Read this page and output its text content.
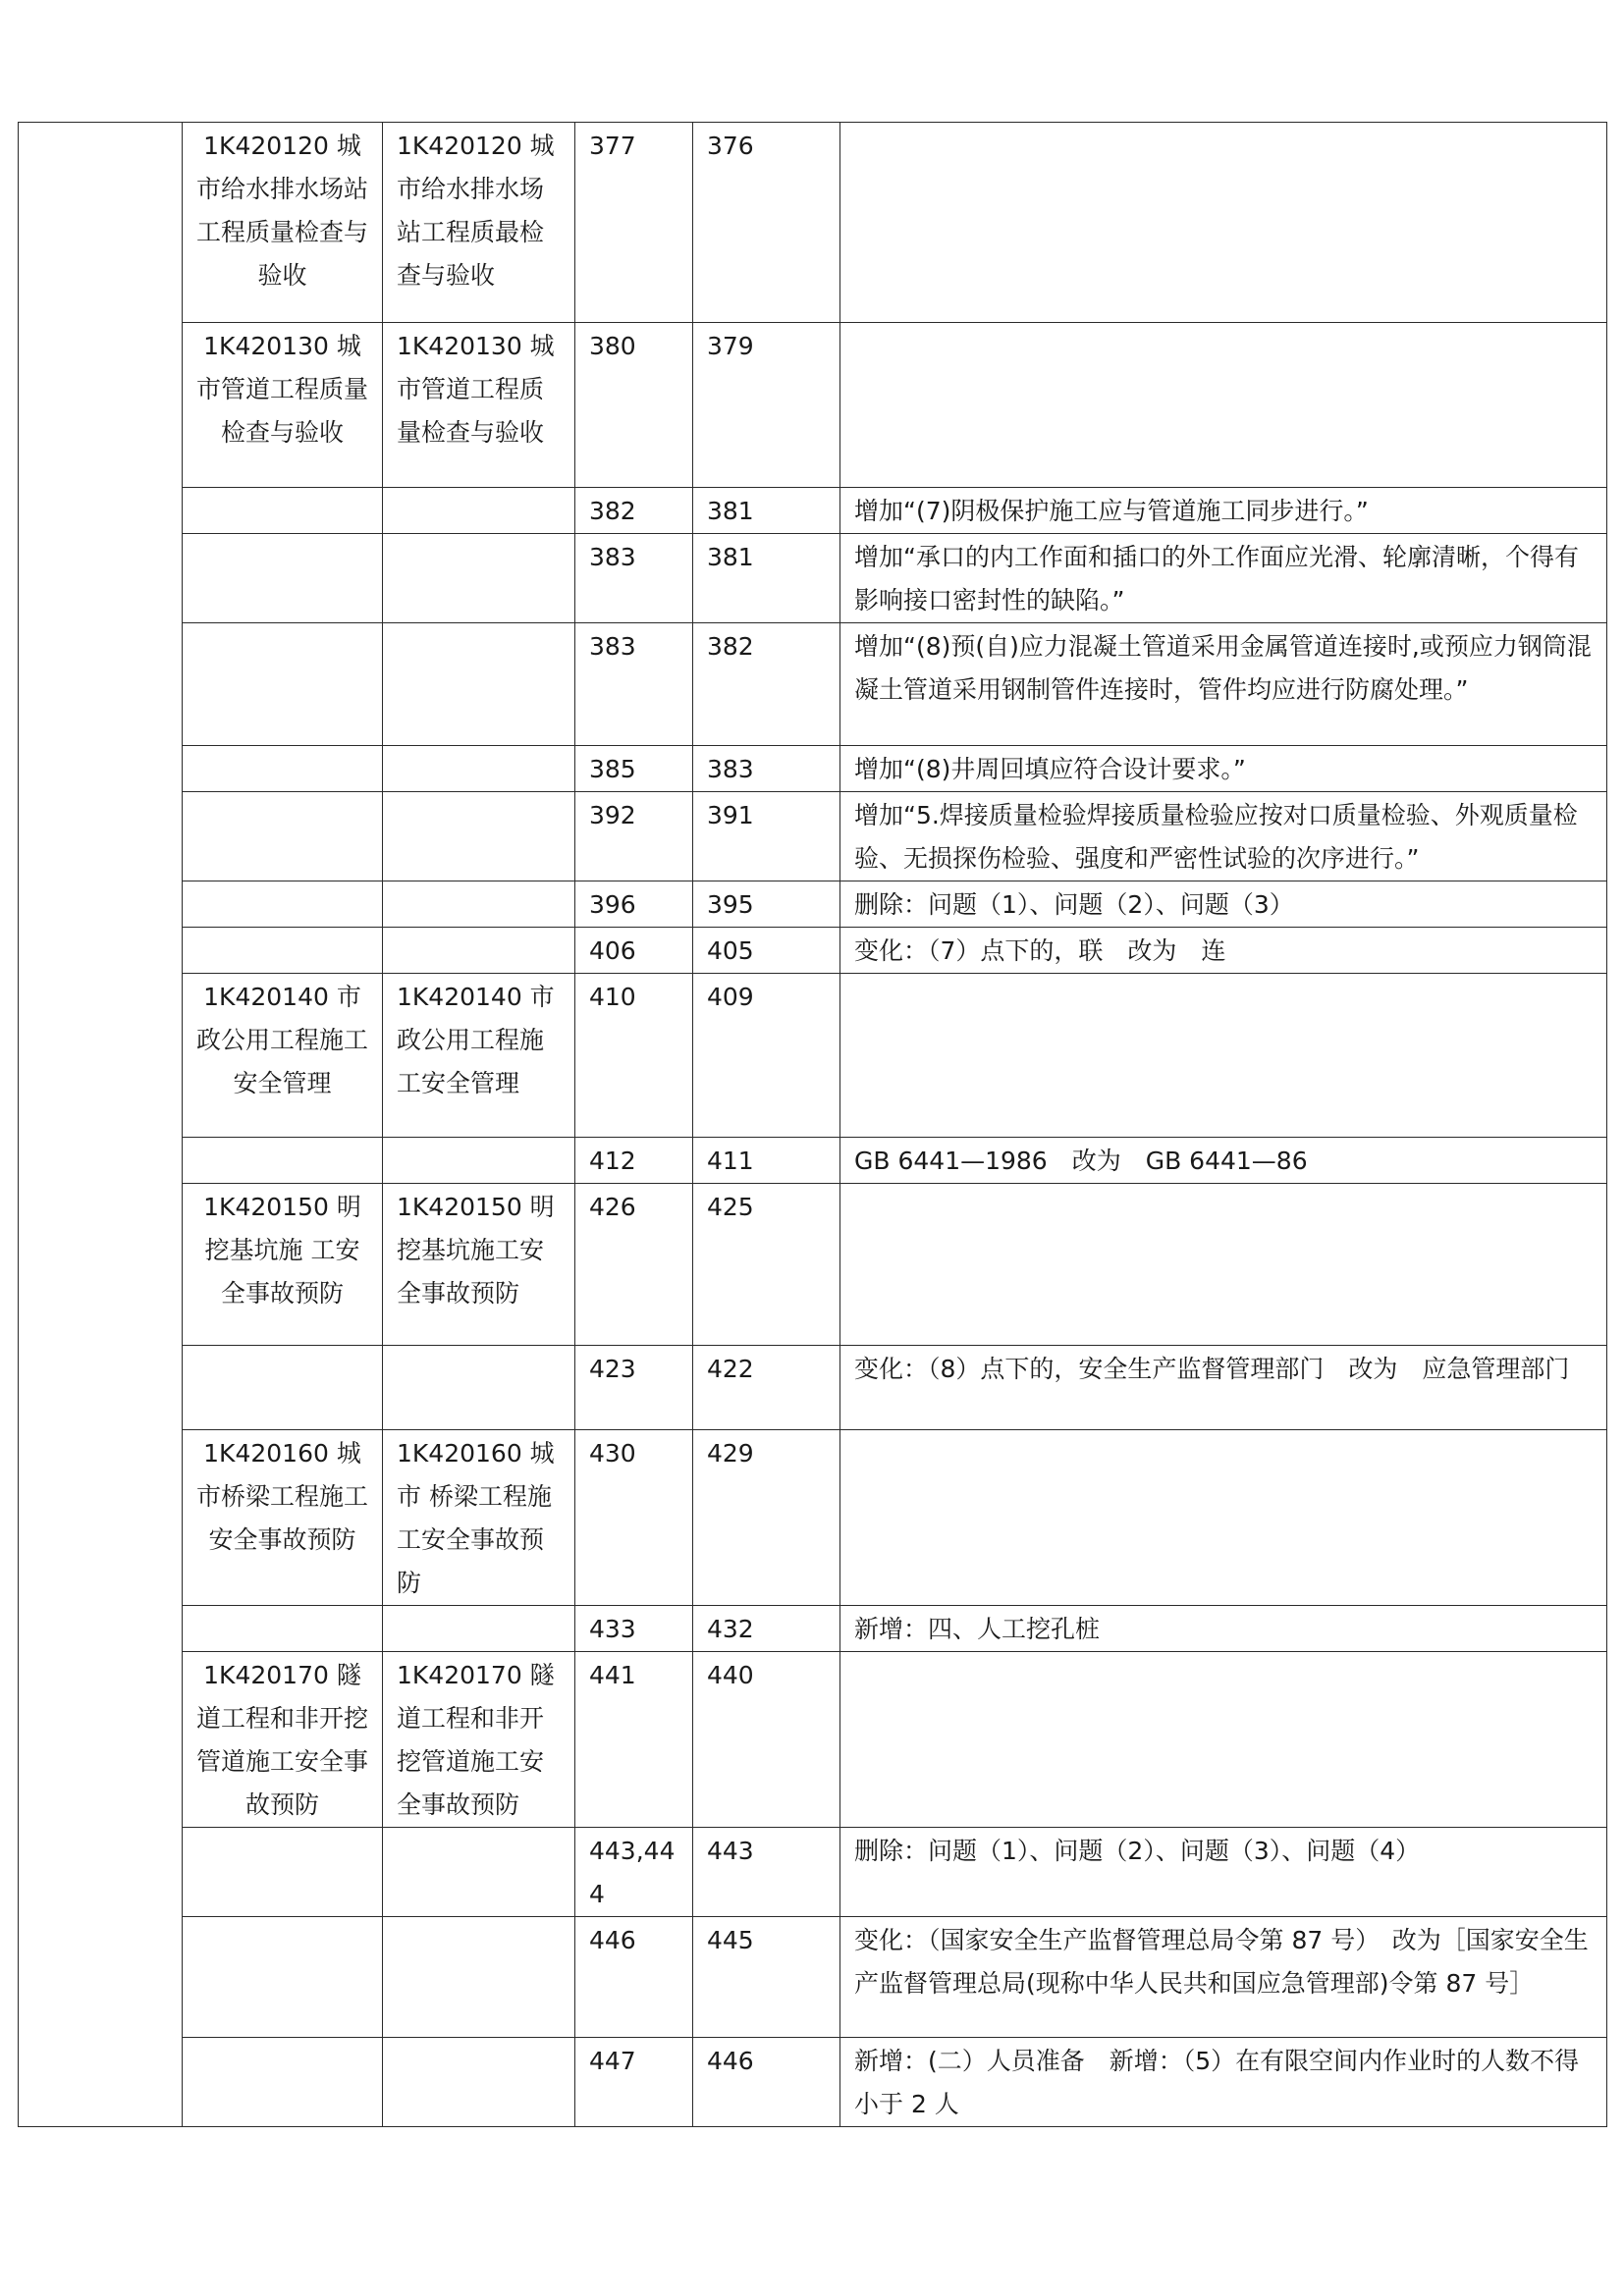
	1K420120 城市给水排水场站工程质量检查与验收	1K420120 城市给水排水场站工程质最检查与验收	377	376	
	1K420130 城市管道工程质量检查与验收	1K420130 城市管道工程质量检查与验收	380	379	
			382	381	增加“(7)阴极保护施工应与管道施工同步进行。”
			383	381	增加“承口的内工作面和插口的外工作面应光滑、轮廓清晰，个得有影响接口密封性的缺陷。”
			383	382	增加“(8)预(自)应力混凝土管道采用金属管道连接时,或预应力钢筒混凝土管道采用钢制管件连接时，管件均应进行防腐处理。”
			385	383	增加“(8)井周回填应符合设计要求。”
			392	391	增加“5.焊接质量检验焊接质量检验应按对口质量检验、外观质量检验、无损探伤检验、强度和严密性试验的次序进行。”
			396	395	删除：问题（1）、问题（2）、问题（3）
			406	405	变化：（7）点下的，联　改为　连
	1K420140 市政公用工程施工安全管理	1K420140 市政公用工程施工安全管理	410	409	
			412	411	GB 6441—1986　改为　GB 6441—86
	1K420150 明挖基坑施 工安全事故预防	1K420150 明挖基坑施工安全事故预防	426	425	
			423	422	变化：（8）点下的，安全生产监督管理部门　改为　应急管理部门
	1K420160 城市桥梁工程施工安全事故预防	1K420160 城市 桥梁工程施工安全事故预防	430	429	
			433	432	新增：四、人工挖孔桩
	1K420170 隧道工程和非开挖管道施工安全事故预防	1K420170 隧道工程和非开挖管道施工安全事故预防	441	440	
			443,444	443	删除：问题（1）、问题（2）、问题（3）、问题（4）
			446	445	变化：（国家安全生产监督管理总局令第 87 号）　改为［国家安全生产监督管理总局(现称中华人民共和国应急管理部)令第 87 号］
			447	446	新增：(二）人员准备　新增：（5）在有限空间内作业时的人数不得小于 2 人
